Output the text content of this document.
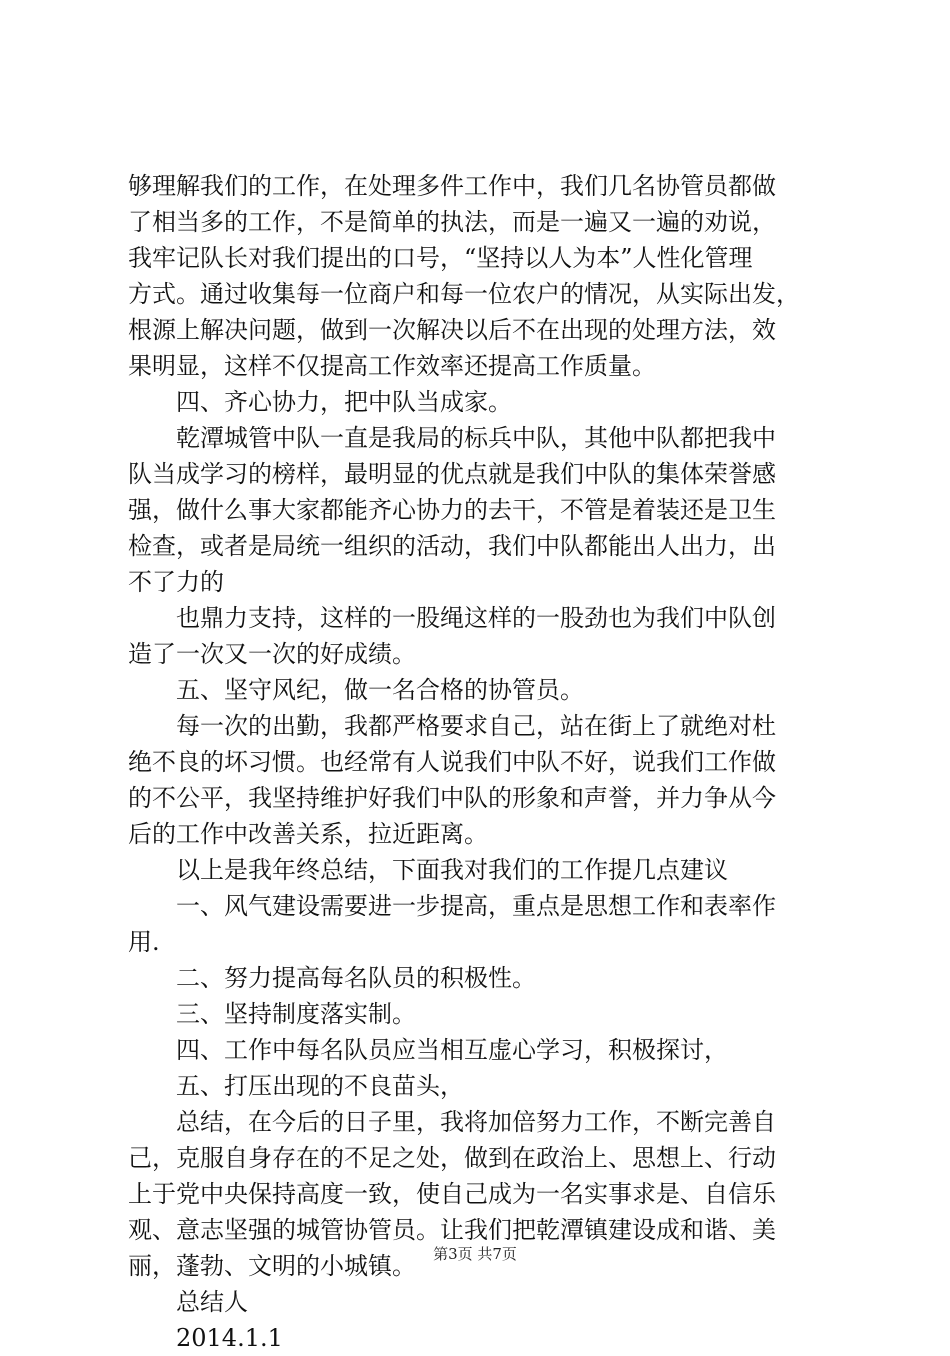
够理解我们的工作，在处理多件工作中，我们几名协管员都做
了相当多的工作，不是简单的执法，而是一遍又一遍的劝说，
我牢记队长对我们提出的口号，“坚持以人为本”人性化管理
方式。通过收集每一位商户和每一位农户的情况，从实际出发，
根源上解决问题，做到一次解决以后不在出现的处理方法，效
果明显，这样不仅提高工作效率还提高工作质量。
四、齐心协力，把中队当成家。
乾潭城管中队一直是我局的标兵中队，其他中队都把我中
队当成学习的榜样，最明显的优点就是我们中队的集体荣誉感
强，做什么事大家都能齐心协力的去干，不管是着装还是卫生
检查，或者是局统一组织的活动，我们中队都能出人出力，出
不了力的
也鼎力支持，这样的一股绳这样的一股劲也为我们中队创
造了一次又一次的好成绩。
五、坚守风纪，做一名合格的协管员。
每一次的出勤，我都严格要求自己，站在街上了就绝对杜
绝不良的坏习惯。也经常有人说我们中队不好，说我们工作做
的不公平，我坚持维护好我们中队的形象和声誉，并力争从今
后的工作中改善关系，拉近距离。
以上是我年终总结，下面我对我们的工作提几点建议
一、风气建设需要进一步提高，重点是思想工作和表率作
用.
二、努力提高每名队员的积极性。
三、坚持制度落实制。
四、工作中每名队员应当相互虚心学习，积极探讨，
五、打压出现的不良苗头，
总结，在今后的日子里，我将加倍努力工作，不断完善自
己，克服自身存在的不足之处，做到在政治上、思想上、行动
上于党中央保持高度一致，使自己成为一名实事求是、自信乐
观、意志坚强的城管协管员。让我们把乾潭镇建设成和谐、美
丽，蓬勃、文明的小城镇。
总结人
2014.1.1
第3页 共7页
